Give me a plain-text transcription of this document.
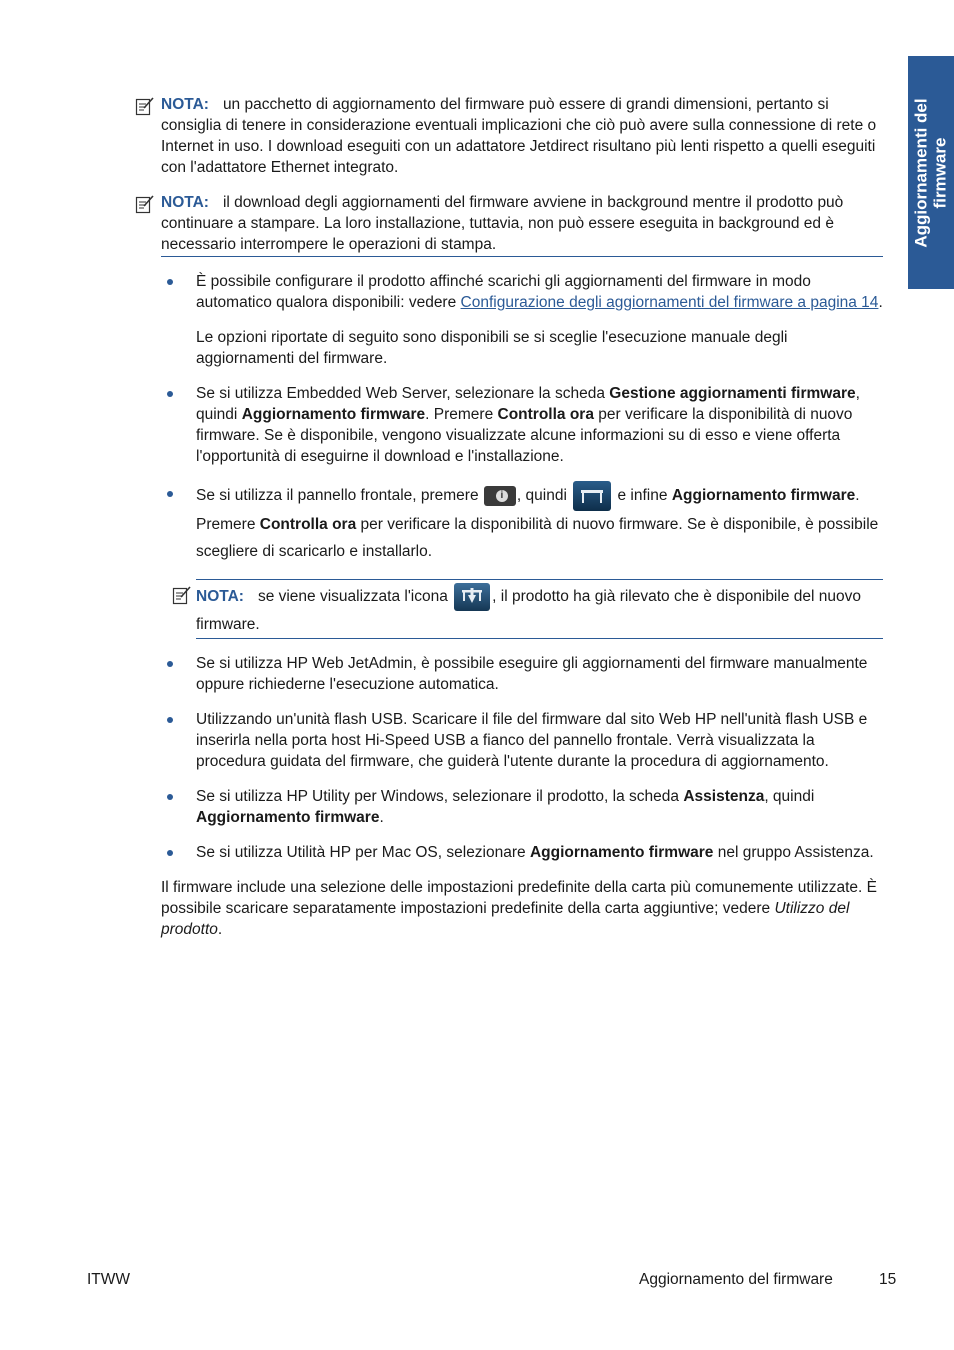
Aggiornamenti del firmware
NOTA: un pacchetto di aggiornamento del firmware può essere di grandi dimensioni, pertanto si consiglia di tenere in considerazione eventuali implicazioni che ciò può avere sulla connessione di rete o Internet in uso. I download eseguiti con un adattatore Jetdirect risultano più lenti rispetto a quelli eseguiti con l'adattatore Ethernet integrato.
NOTA: il download degli aggiornamenti del firmware avviene in background mentre il prodotto può continuare a stampare. La loro installazione, tuttavia, non può essere eseguita in background ed è necessario interrompere le operazioni di stampa.
È possibile configurare il prodotto affinché scarichi gli aggiornamenti del firmware in modo automatico qualora disponibili: vedere Configurazione degli aggiornamenti del firmware a pagina 14.
Le opzioni riportate di seguito sono disponibili se si sceglie l'esecuzione manuale degli aggiornamenti del firmware.
Se si utilizza Embedded Web Server, selezionare la scheda Gestione aggiornamenti firmware, quindi Aggiornamento firmware. Premere Controlla ora per verificare la disponibilità di nuovo firmware. Se è disponibile, vengono visualizzate alcune informazioni su di esso e viene offerta l'opportunità di eseguirne il download e l'installazione.
Se si utilizza il pannello frontale, premere	i , quindi	e infine Aggiornamento firmware. Premere Controlla ora per verificare la disponibilità di nuovo firmware. Se è disponibile, è possibile scegliere di scaricarlo e installarlo.
NOTA: se viene visualizzata l'icona	, il prodotto ha già rilevato che è disponibile del nuovo firmware.
Se si utilizza HP Web JetAdmin, è possibile eseguire gli aggiornamenti del firmware manualmente oppure richiederne l'esecuzione automatica.
Utilizzando un'unità flash USB. Scaricare il file del firmware dal sito Web HP nell'unità flash USB e inserirla nella porta host Hi-Speed USB a fianco del pannello frontale. Verrà visualizzata la procedura guidata del firmware, che guiderà l'utente durante la procedura di aggiornamento.
Se si utilizza HP Utility per Windows, selezionare il prodotto, la scheda Assistenza, quindi Aggiornamento firmware.
Se si utilizza Utilità HP per Mac OS, selezionare Aggiornamento firmware nel gruppo Assistenza.
Il firmware include una selezione delle impostazioni predefinite della carta più comunemente utilizzate. È possibile scaricare separatamente impostazioni predefinite della carta aggiuntive; vedere Utilizzo del prodotto.
ITWW	Aggiornamento del firmware	15
